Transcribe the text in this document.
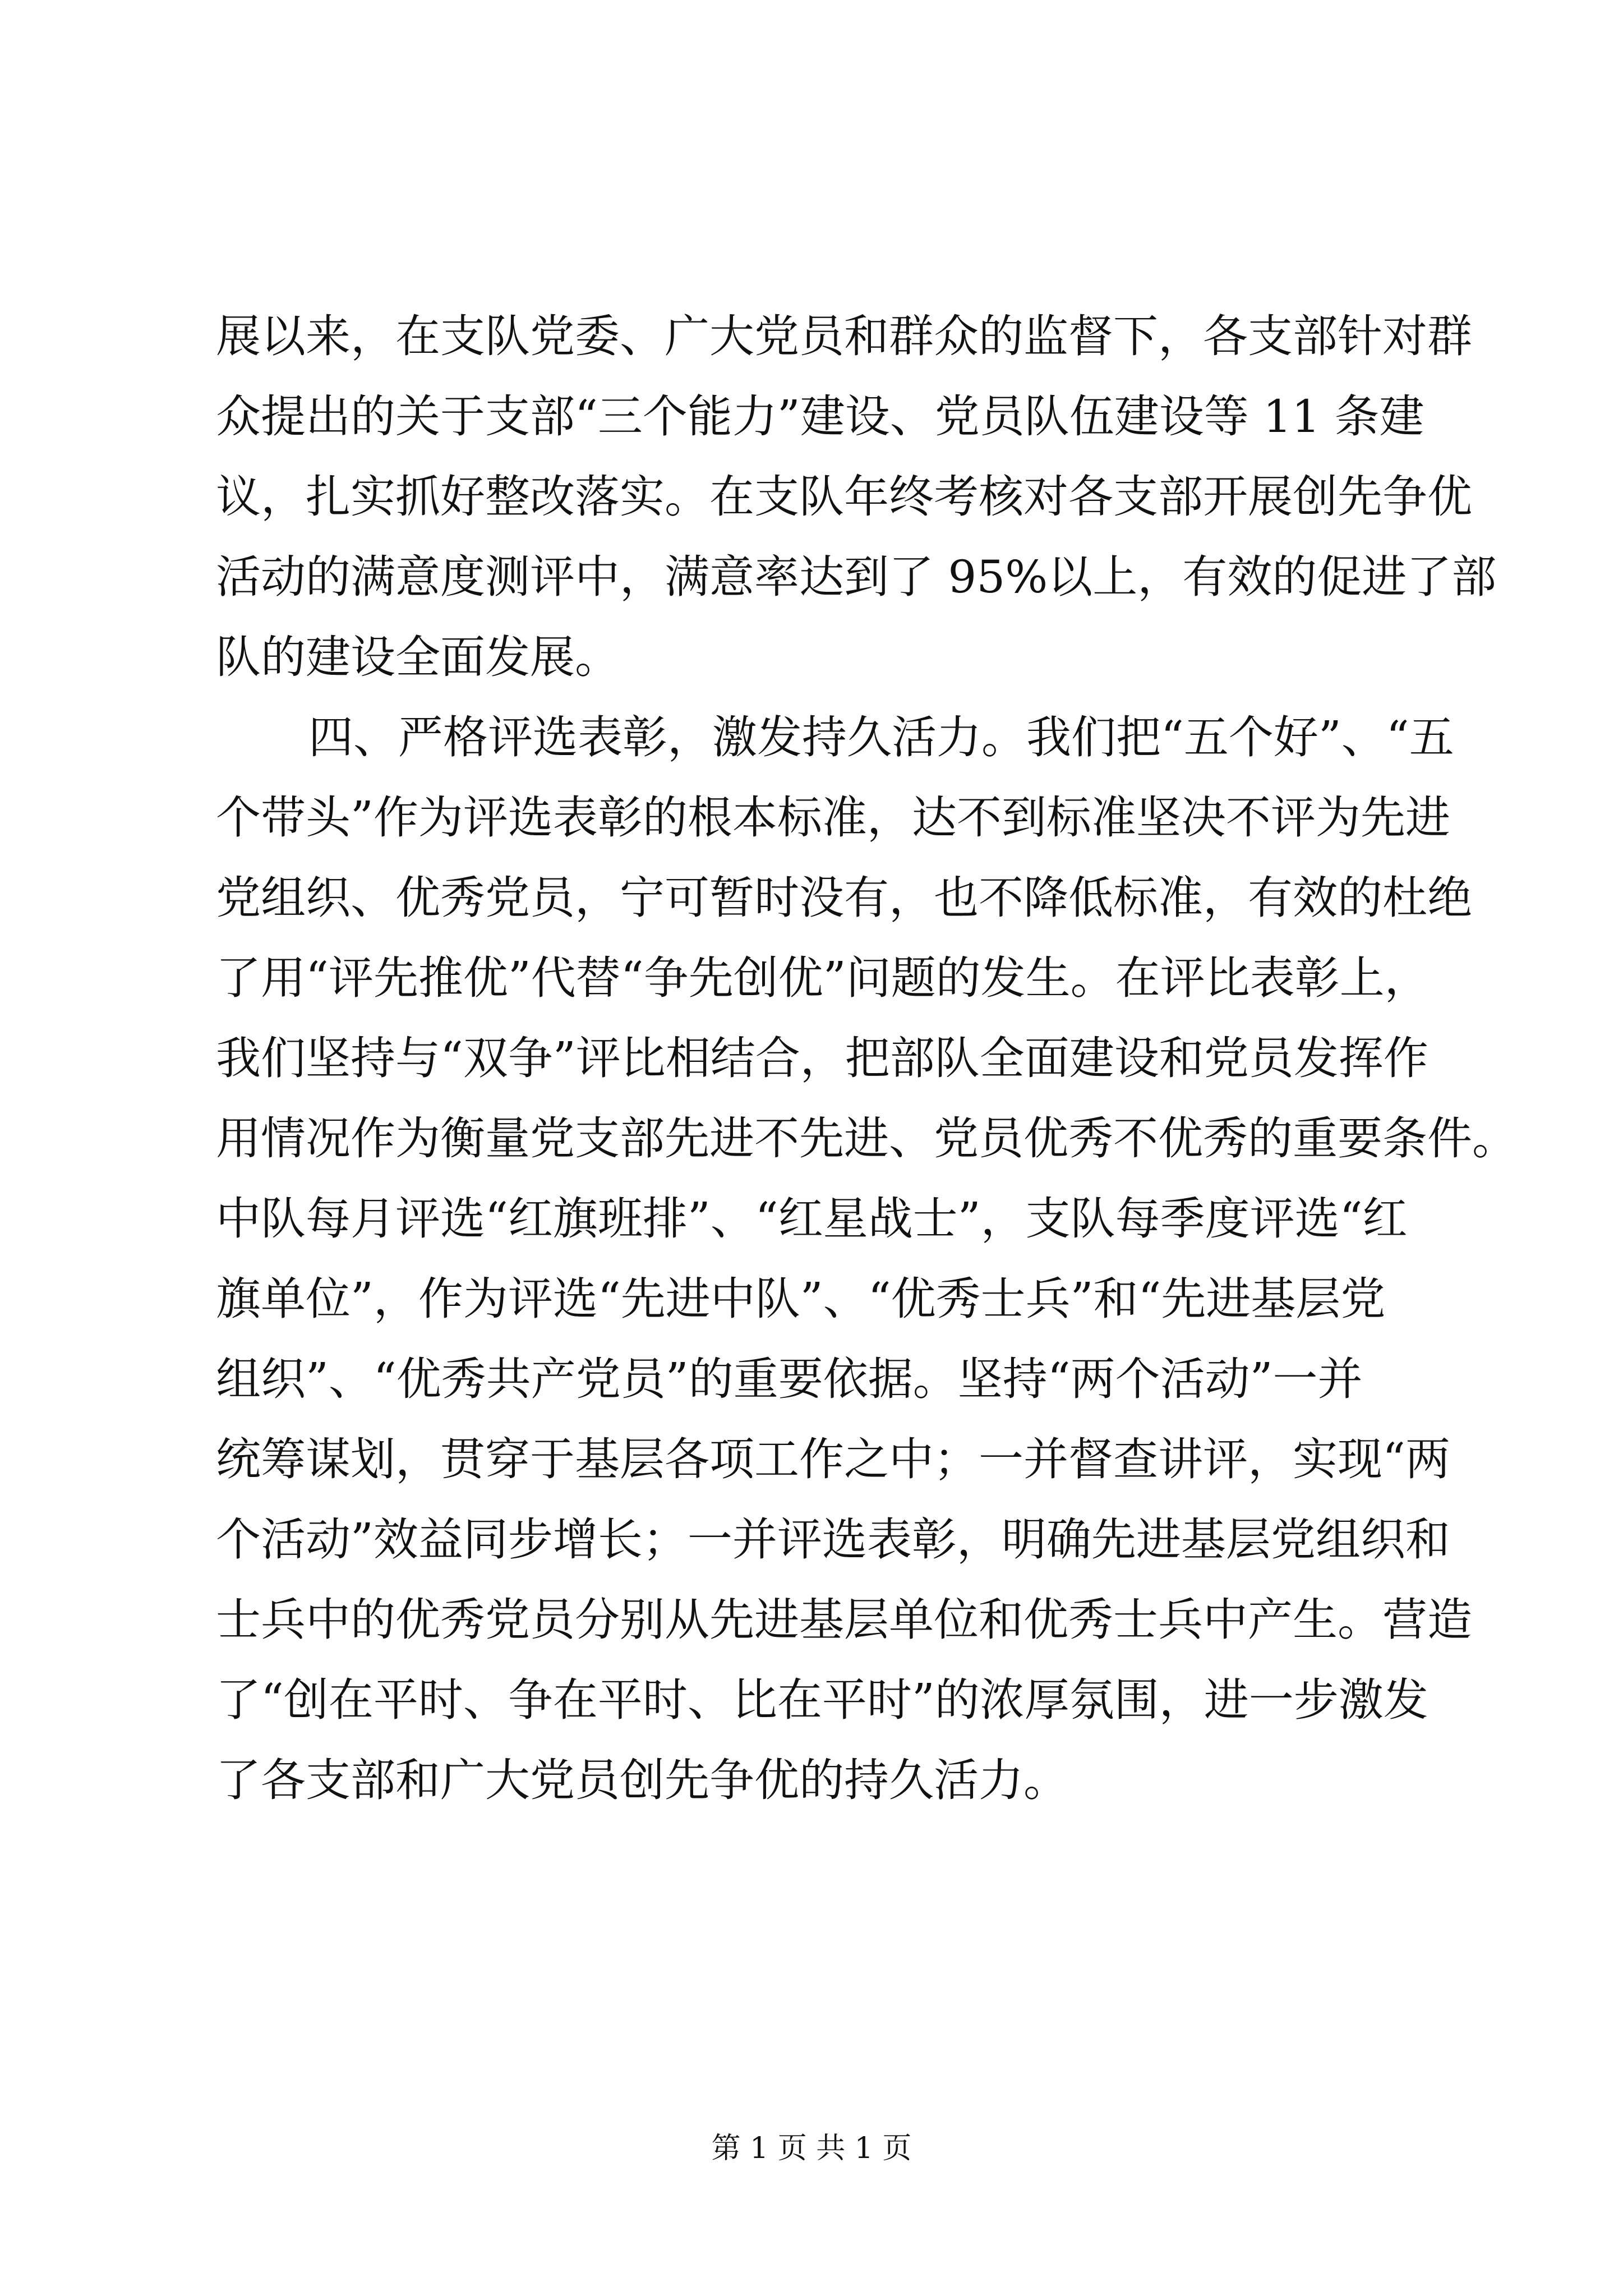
展以来，在支队党委、广大党员和群众的监督下，各支部针对群
众提出的关于支部“三个能力”建设、党员队伍建设等 11 条建
议，扎实抓好整改落实。在支队年终考核对各支部开展创先争优
活动的满意度测评中，满意率达到了 95%以上，有效的促进了部
队的建设全面发展。
四、严格评选表彰，激发持久活力。我们把“五个好”、“五
个带头”作为评选表彰的根本标准，达不到标准坚决不评为先进
党组织、优秀党员，宁可暂时没有，也不降低标准，有效的杜绝
了用“评先推优”代替“争先创优”问题的发生。在评比表彰上，
我们坚持与“双争”评比相结合，把部队全面建设和党员发挥作
用情况作为衡量党支部先进不先进、党员优秀不优秀的重要条件。
中队每月评选“红旗班排”、“红星战士”，支队每季度评选“红
旗单位”，作为评选“先进中队”、“优秀士兵”和“先进基层党
组织”、“优秀共产党员”的重要依据。坚持“两个活动”一并
统筹谋划，贯穿于基层各项工作之中；一并督查讲评，实现“两
个活动”效益同步增长；一并评选表彰，明确先进基层党组织和
士兵中的优秀党员分别从先进基层单位和优秀士兵中产生。营造
了“创在平时、争在平时、比在平时”的浓厚氛围，进一步激发
了各支部和广大党员创先争优的持久活力。
第 1 页 共 1 页
